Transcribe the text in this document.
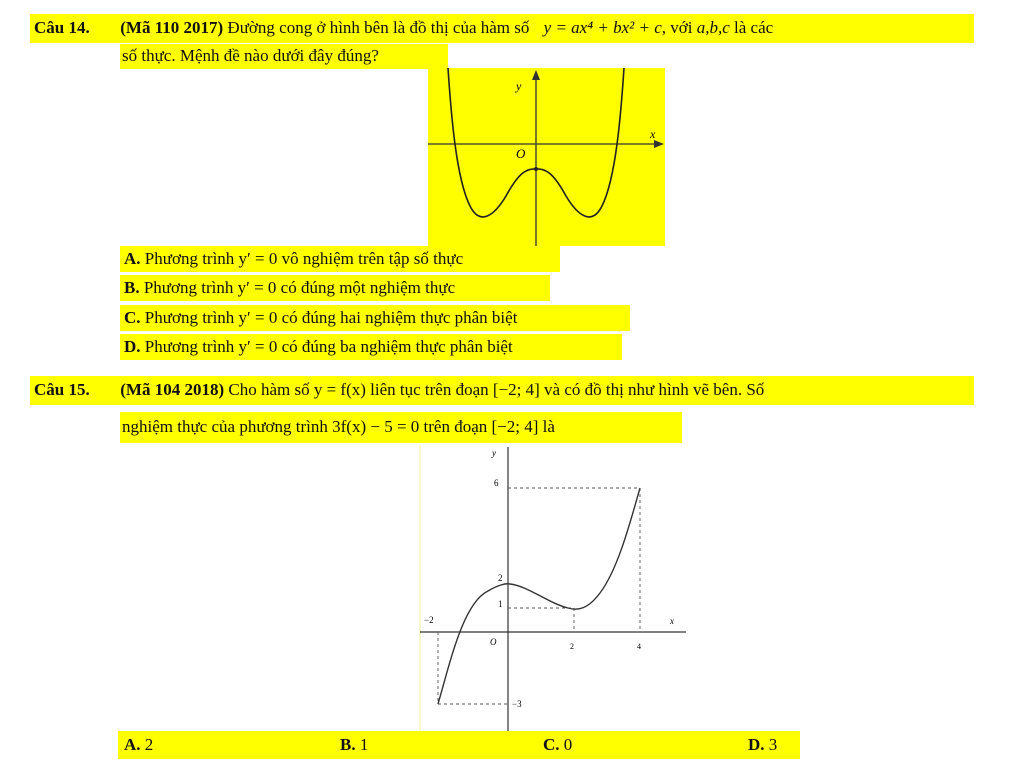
Câu 14. (Mã 110 2017) Đường cong ở hình bên là đồ thị của hàm số y = ax⁴ + bx² + c, với a,b,c là các
số thực. Mệnh đề nào dưới đây đúng?
y
x
O
A. Phương trình y′ = 0 vô nghiệm trên tập số thực
B. Phương trình y′ = 0 có đúng một nghiệm thực
C. Phương trình y′ = 0 có đúng hai nghiệm thực phân biệt
D. Phương trình y′ = 0 có đúng ba nghiệm thực phân biệt
Câu 15. (Mã 104 2018) Cho hàm số y = f(x) liên tục trên đoạn [−2; 4] và có đồ thị như hình vẽ bên. Số
nghiệm thực của phương trình 3f(x) − 5 = 0 trên đoạn [−2; 4] là
y
x
6
2
1
−2
O	2	4
−3
A. 2	B. 1	C. 0	D. 3
